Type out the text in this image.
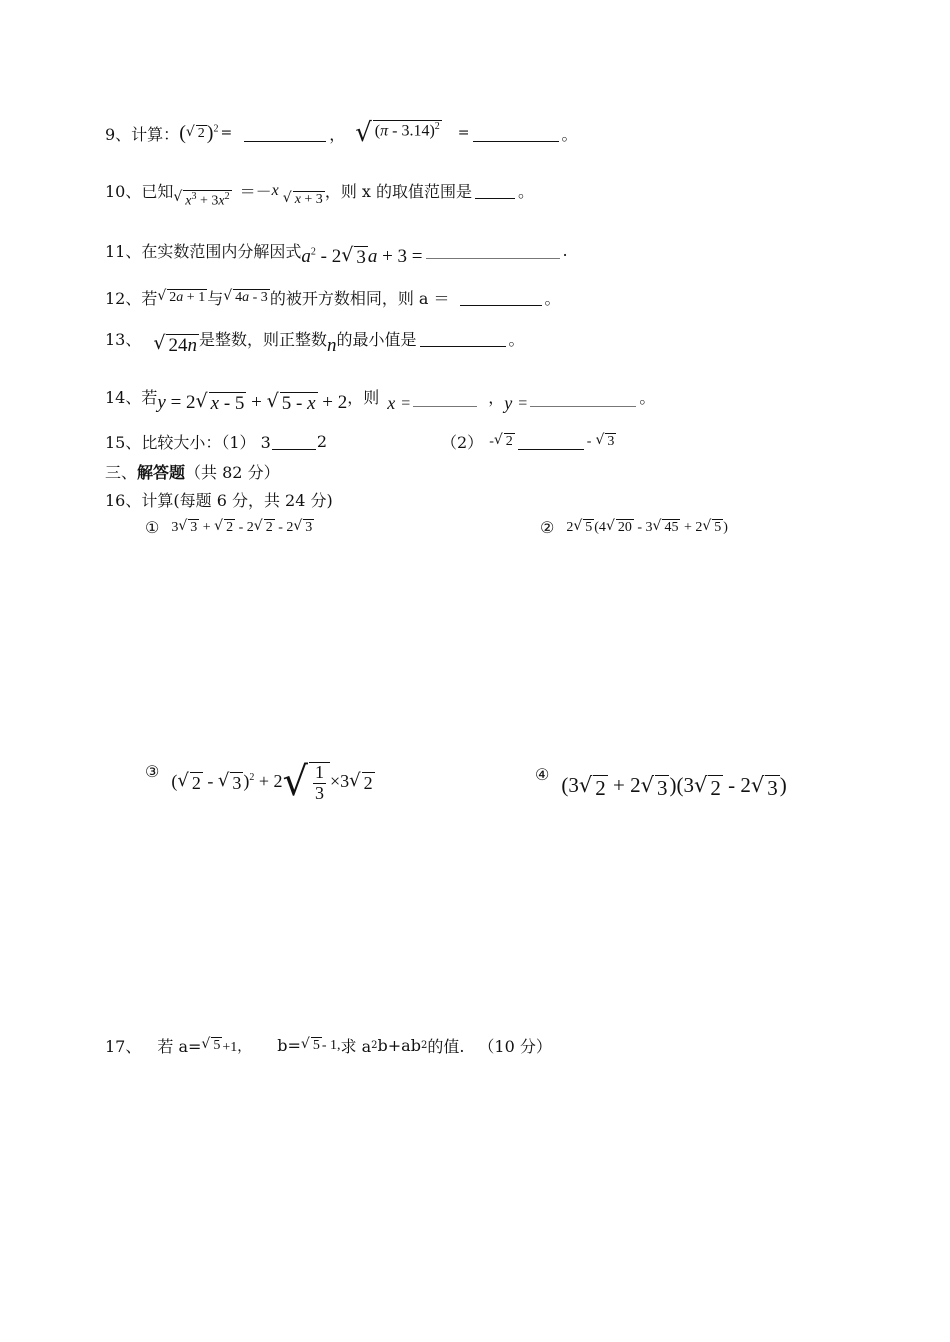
9、计算： ( √ 2 )$^2$ =	， √ (π - 3.14)$^2$ =	。
10、已知 √ $x^3 + 3x^2 =- x$ √ x + 3 ，则 x 的取值范围是	。
11、在实数范围内分解因式 $a^2 - 2$ √ 3 a + 3 =	.
12、若 √ 2a + 1 与 √ 4a - 3 的被开方数相同，则 a ＝	。
13、 √ 24n 是整数，则正整数 n 的最小值是	。
14、若 y = 2 √ x - 5 + √ 5 - x + 2 ，则 x =	， y =	。
15、比较大小：（1） 3	2	（2） - √ 2	- √ 3
三、 解答题 （共 82 分）
16、计算(每题 6 分，共 24 分)
① 3 √ 3 + √ 2 - 2 √ 2 - 2 √ 3	② 2 √ 5 (4 √ 20 - 3 √ 45 + 2 √ 5 )
③ ( √ 2 - √ 3 )$^2$ + 2 √ $\frac{1}{3} \times 3$ √ 2	④ (3 √ 2 + 2 √ 3 )(3 √ 2 - 2 √ 3 )
17、 若 a= √ 5 +1， b= √ 5 - 1, 求 a 2 b+ab 2 的值. （10 分）
